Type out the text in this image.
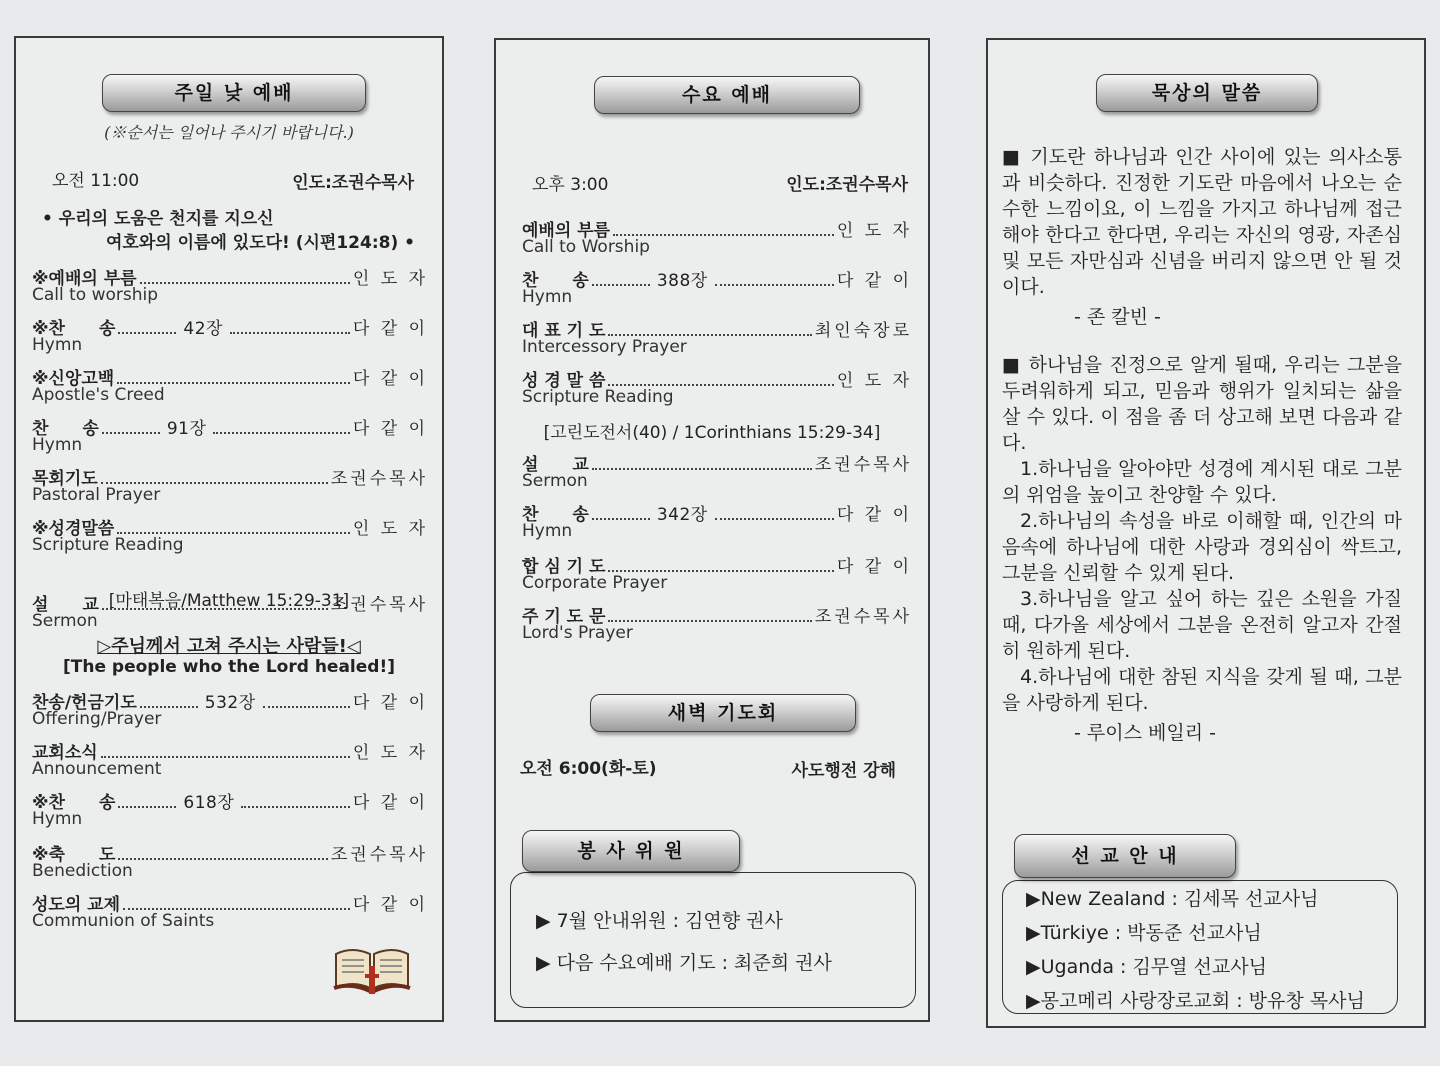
주일 낮 예배
(※순서는 일어나 주시기 바랍니다.)
오전 11:00	인도:조권수목사
• 우리의 도움은 천지를 지으신
여호와의 이름에 있도다! (시편124:8) •
※예배의 부름	인 도 자
Call to worship
※찬　　송	42장	다 같 이
Hymn
※신앙고백	다 같 이
Apostle's Creed
찬　　송	91장	다 같 이
Hymn
목회기도	조권수목사
Pastoral Prayer
※성경말씀	인 도 자
Scripture Reading
설　　교	조권수목사
Sermon
찬송/헌금기도	532장	다 같 이
Offering/Prayer
교회소식	인 도 자
Announcement
※찬　　송	618장	다 같 이
Hymn
※축　　도	조권수목사
Benediction
성도의 교제	다 같 이
Communion of Saints
[마태복음/Matthew 15:29-31]
▷주님께서 고쳐 주시는 사람들!◁
[The people who the Lord healed!]
수요 예배
오후 3:00	인도:조권수목사
예배의 부름	인 도 자
Call to Worship
찬　　송	388장	다 같 이
Hymn
대 표 기 도	최인숙장로
Intercessory Prayer
성 경 말 씀	인 도 자
Scripture Reading
설　　교	조권수목사
Sermon
찬　　송	342장	다 같 이
Hymn
합 심 기 도	다 같 이
Corporate Prayer
주 기 도 문	조권수목사
Lord's Prayer
[고린도전서(40) / 1Corinthians 15:29-34]
새벽 기도회
오전 6:00(화-토)	사도행전 강해
봉 사 위 원
▶ 7월 안내위원 : 김연향 권사
▶ 다음 수요예배 기도 : 최준희 권사
묵상의 말씀
■ 기도란 하나님과 인간 사이에 있는 의사소통과 비슷하다. 진정한 기도란 마음에서 나오는 순수한 느낌이요, 이 느낌을 가지고 하나님께 접근해야 한다고 한다면, 우리는 자신의 영광, 자존심 및 모든 자만심과 신념을 버리지 않으면 안 될 것이다.
- 존 칼빈 -
■ 하나님을 진정으로 알게 될때, 우리는 그분을 두려워하게 되고, 믿음과 행위가 일치되는 삶을 살 수 있다. 이 점을 좀 더 상고해 보면 다음과 같다.
1.하나님을 알아야만 성경에 계시된 대로 그분의 위엄을 높이고 찬양할 수 있다.
2.하나님의 속성을 바로 이해할 때, 인간의 마음속에 하나님에 대한 사랑과 경외심이 싹트고, 그분을 신뢰할 수 있게 된다.
3.하나님을 알고 싶어 하는 깊은 소원을 가질 때, 다가올 세상에서 그분을 온전히 알고자 간절히 원하게 된다.
4.하나님에 대한 참된 지식을 갖게 될 때, 그분을 사랑하게 된다.
- 루이스 베일리 -
선 교 안 내
▶New Zealand : 김세목 선교사님
▶Türkiye : 박동준 선교사님
▶Uganda : 김무열 선교사님
▶몽고메리 사랑장로교회 : 방유창 목사님
